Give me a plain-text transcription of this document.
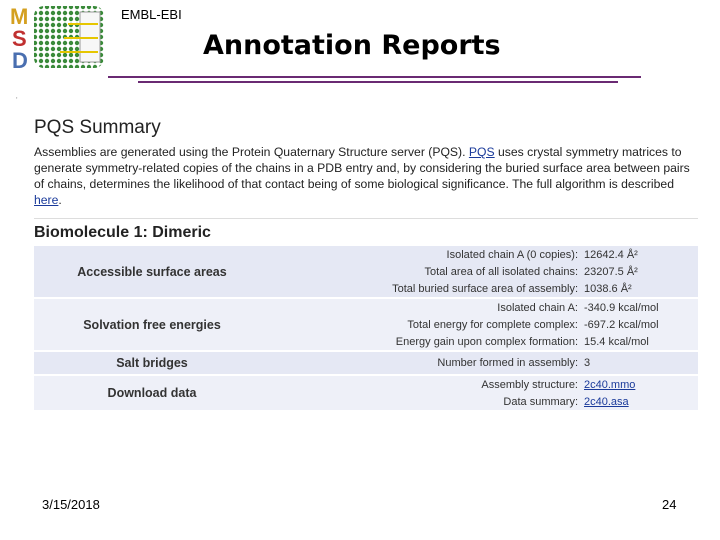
M
S
D
EMBL-EBI
Annotation Reports
'
PQS Summary
Assemblies are generated using the Protein Quaternary Structure server (PQS). PQS uses crystal symmetry matrices to generate symmetry-related copies of the chains in a PDB entry and, by considering the buried surface area between pairs of chains, determines the likelihood of that contact being of some biological significance. The full algorithm is described here.
Biomolecule 1: Dimeric
Accessible surface areas	Isolated chain A (0 copies):	12642.4 Å²
	Total area of all isolated chains:	23207.5 Å²
	Total buried surface area of assembly:	1038.6 Å²

Solvation free energies	Isolated chain A:	-340.9 kcal/mol
	Total energy for complete complex:	-697.2 kcal/mol
	Energy gain upon complex formation:	15.4 kcal/mol

Salt bridges	Number formed in assembly:	3

Download data	Assembly structure:	2c40.mmo
	Data summary:	2c40.asa
3/15/2018	24
